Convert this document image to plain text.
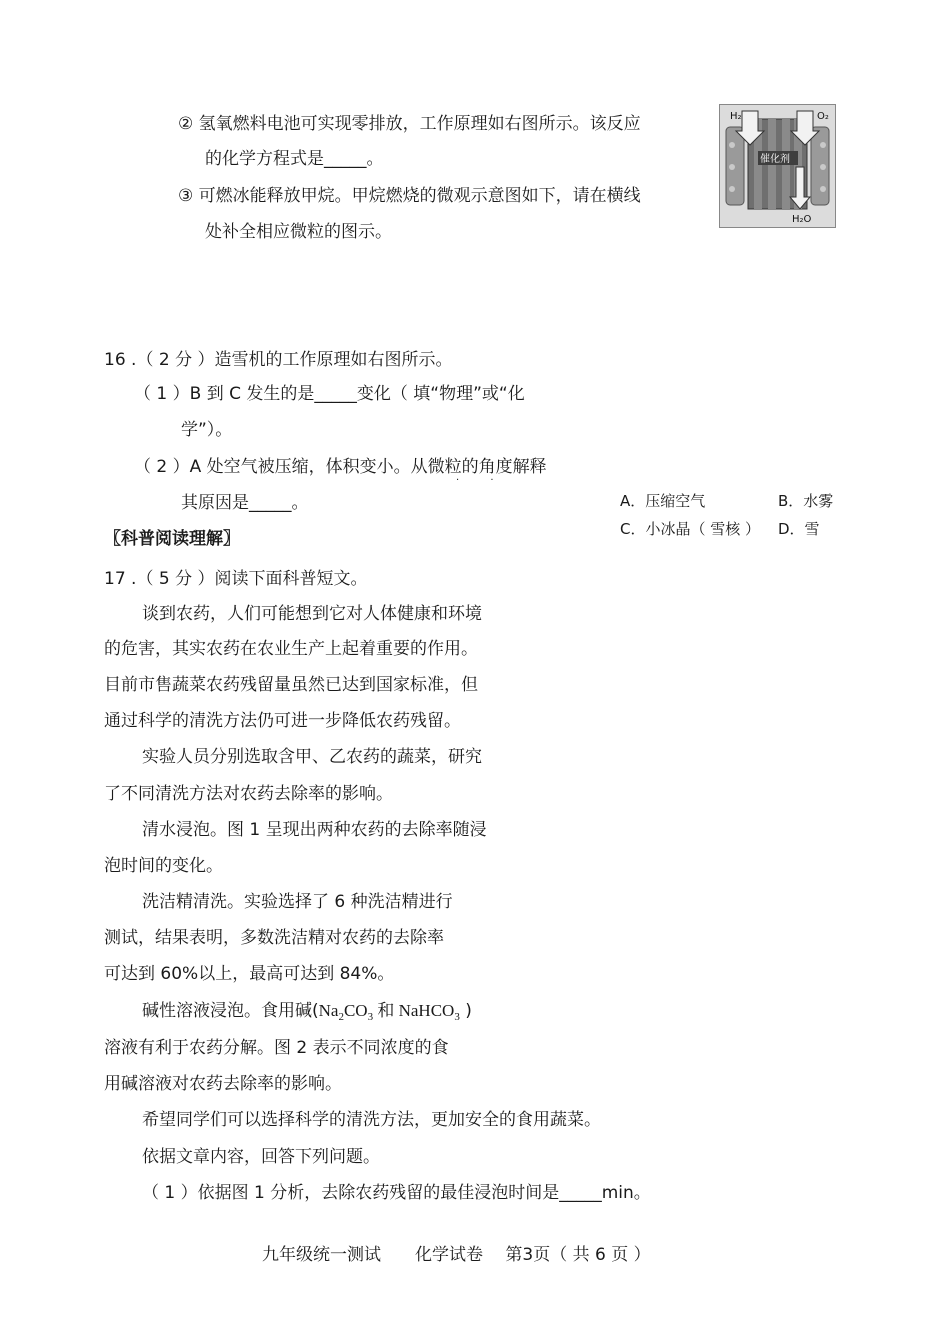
② 氢氧燃料电池可实现零排放，工作原理如右图所示。该反应
的化学方程式是_____。
③ 可燃冰能释放甲烷。甲烷燃烧的微观示意图如下，请在横线
处补全相应微粒的图示。
H₂	O₂
催化剂
H₂O
16 .（ 2 分 ）造雪机的工作原理如右图所示。
（ 1 ）B 到 C 发生的是_____变化（ 填“物理”或“化
学”）。
（ 2 ）A 处空气被压缩，体积变小。从微粒的角度解释
其原因是_____。
· ·
A．压缩空气	B．水雾
C．小冰晶（ 雪核 ） D．雪
〖科普阅读理解〗
17 .（ 5 分 ）阅读下面科普短文。
谈到农药，人们可能想到它对人体健康和环境
的危害，其实农药在农业生产上起着重要的作用。
目前市售蔬菜农药残留量虽然已达到国家标准，但
通过科学的清洗方法仍可进一步降低农药残留。
实验人员分别选取含甲、乙农药的蔬菜，研究
了不同清洗方法对农药去除率的影响。
清水浸泡。图 1 呈现出两种农药的去除率随浸
泡时间的变化。
洗洁精清洗。实验选择了 6 种洗洁精进行
测试，结果表明，多数洗洁精对农药的去除率
可达到 60%以上，最高可达到 84%。
碱性溶液浸泡。食用碱($Na_2CO_3$ 和 NaHCO$_3$ )
溶液有利于农药分解。图 2 表示不同浓度的食
用碱溶液对农药去除率的影响。
希望同学们可以选择科学的清洗方法，更加安全的食用蔬菜。
依据文章内容，回答下列问题。
（ 1 ）依据图 1 分析，去除农药残留的最佳浸泡时间是_____min。
九年级统一测试　　化学试卷　 第3页（ 共 6 页 ）
